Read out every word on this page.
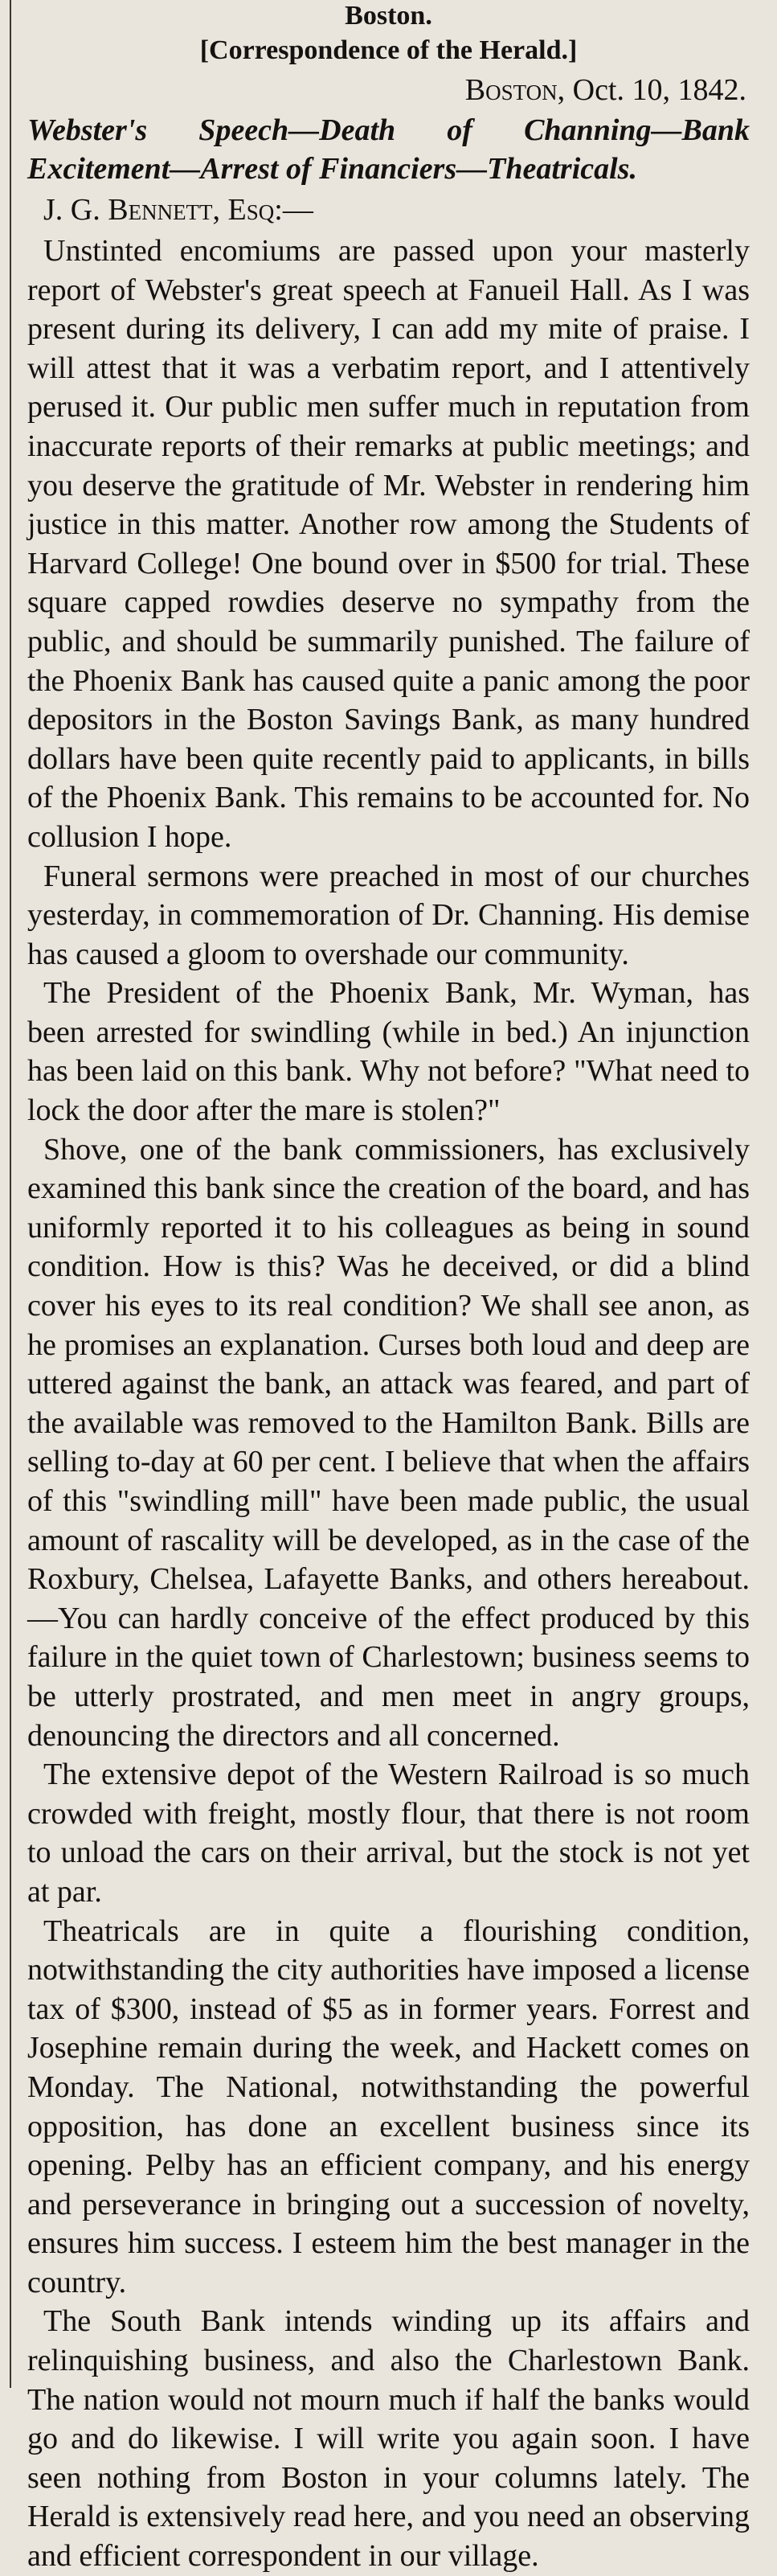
Boston.

[Correspondence of the Herald.]

Boston, Oct. 10, 1842.

Webster's Speech—Death of Channing—Bank Excitement—Arrest of Financiers—Theatricals.

J. G. Bennett, Esq:—

Unstinted encomiums are passed upon your masterly report of Webster's great speech at Fanueil Hall. As I was present during its delivery, I can add my mite of praise. I will attest that it was a verbatim report, and I attentively perused it. Our public men suffer much in reputation from inaccurate reports of their remarks at public meetings; and you deserve the gratitude of Mr. Webster in rendering him justice in this matter. Another row among the Students of Harvard College! One bound over in $500 for trial. These square capped rowdies deserve no sympathy from the public, and should be summarily punished. The failure of the Phoenix Bank has caused quite a panic among the poor depositors in the Boston Savings Bank, as many hundred dollars have been quite recently paid to applicants, in bills of the Phoenix Bank. This remains to be accounted for. No collusion I hope.

Funeral sermons were preached in most of our churches yesterday, in commemoration of Dr. Channing. His demise has caused a gloom to overshade our community.

The President of the Phoenix Bank, Mr. Wyman, has been arrested for swindling (while in bed.) An injunction has been laid on this bank. Why not before? "What need to lock the door after the mare is stolen?"

Shove, one of the bank commissioners, has exclusively examined this bank since the creation of the board, and has uniformly reported it to his colleagues as being in sound condition. How is this? Was he deceived, or did a blind cover his eyes to its real condition? We shall see anon, as he promises an explanation. Curses both loud and deep are uttered against the bank, an attack was feared, and part of the available was removed to the Hamilton Bank. Bills are selling to-day at 60 per cent. I believe that when the affairs of this "swindling mill" have been made public, the usual amount of rascality will be developed, as in the case of the Roxbury, Chelsea, Lafayette Banks, and others hereabout.—You can hardly conceive of the effect produced by this failure in the quiet town of Charlestown; business seems to be utterly prostrated, and men meet in angry groups, denouncing the directors and all concerned.

The extensive depot of the Western Railroad is so much crowded with freight, mostly flour, that there is not room to unload the cars on their arrival, but the stock is not yet at par.

Theatricals are in quite a flourishing condition, notwithstanding the city authorities have imposed a license tax of $300, instead of $5 as in former years. Forrest and Josephine remain during the week, and Hackett comes on Monday. The National, notwithstanding the powerful opposition, has done an excellent business since its opening. Pelby has an efficient company, and his energy and perseverance in bringing out a succession of novelty, ensures him success. I esteem him the best manager in the country.

The South Bank intends winding up its affairs and relinquishing business, and also the Charlestown Bank. The nation would not mourn much if half the banks would go and do likewise. I will write you again soon. I have seen nothing from Boston in your columns lately. The Herald is extensively read here, and you need an observing and efficient correspondent in our village.
